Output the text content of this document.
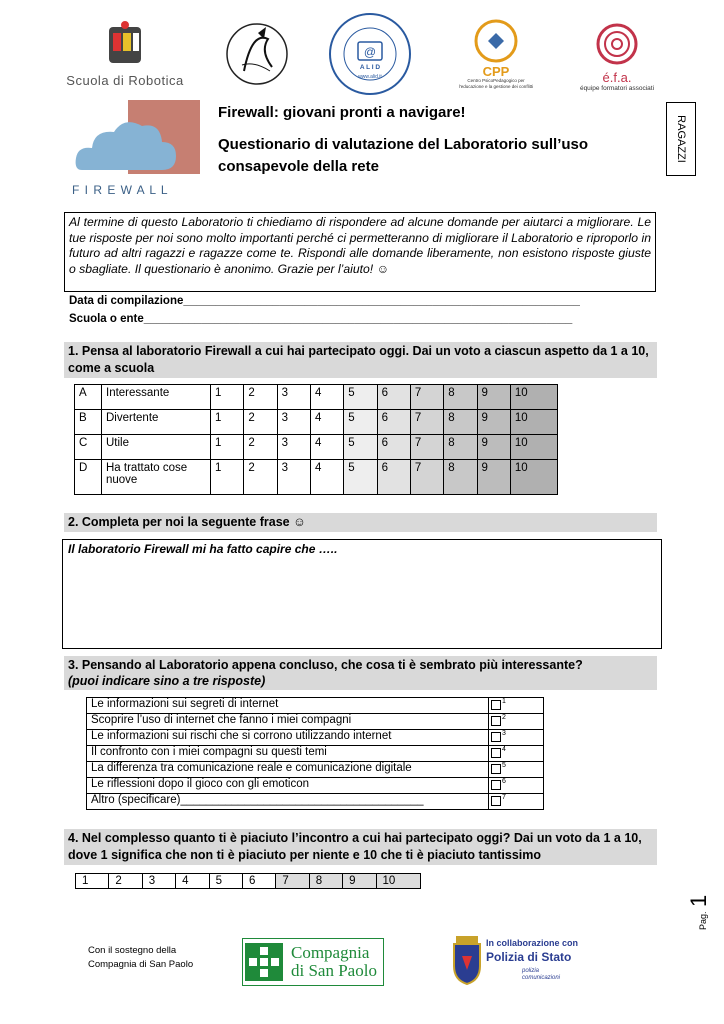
Scuola di Robotica
@
A L I D
www.alid.it	CPP
Centro PsicoPedagogico per l'educazione e la gestione dei conflitti
é.f.a.
équipe formatori associati
F I R E W A L L
Firewall: giovani pronti a navigare!
Questionario di valutazione del Laboratorio sull’uso consapevole della rete
RAGAZZI
Al termine di questo Laboratorio ti chiediamo di rispondere ad alcune domande per aiutarci a migliorare. Le tue risposte per noi sono molto importanti perché ci permetteranno di migliorare il Laboratorio e riproporlo in futuro ad altri ragazzi e ragazze come te. Rispondi alle domande liberamente, non esistono risposte giuste o sbagliate. Il questionario è anonimo. Grazie per l’aiuto! ☺
Data di compilazione______________________________________________________________
Scuola o ente___________________________________________________________________
1. Pensa al laboratorio Firewall a cui hai partecipato oggi. Dai un voto a ciascun aspetto da 1 a 10, come a scuola
A	Interessante	1	2	3	4	5	6	7	8	9	10
B	Divertente	1	2	3	4	5	6	7	8	9	10
C	Utile	1	2	3	4	5	6	7	8	9	10
D	Ha trattato cose nuove	1	2	3	4	5	6	7	8	9	10
2. Completa per noi la seguente frase ☺
Il laboratorio Firewall mi ha fatto capire che …..
3. Pensando al Laboratorio appena concluso, che cosa ti è sembrato più interessante?
(puoi indicare sino a tre risposte)
Le informazioni sui segreti di internet	$^1$
Scoprire l’uso di internet che fanno i miei compagni	$^2$
Le informazioni sui rischi che si corrono utilizzando internet	$^3$
Il confronto con i miei compagni su questi temi	$^4$
La differenza tra comunicazione reale e comunicazione digitale	$^5$
Le riflessioni dopo il gioco con gli emoticon	$^6$
Altro (specificare)______________________________________	$^7$
4. Nel complesso quanto ti è piaciuto l’incontro a cui hai partecipato oggi? Dai un voto da 1 a 10, dove 1 significa che non ti è piaciuto per niente e 10 che ti è piaciuto tantissimo
1	2	3	4	5	6	7	8	9	10
Pag. 1
Con il sostegno della
Compagnia di San Paolo
Compagnia
di San Paolo
In collaborazione con
Polizia di Stato
polizia comunicazioni
